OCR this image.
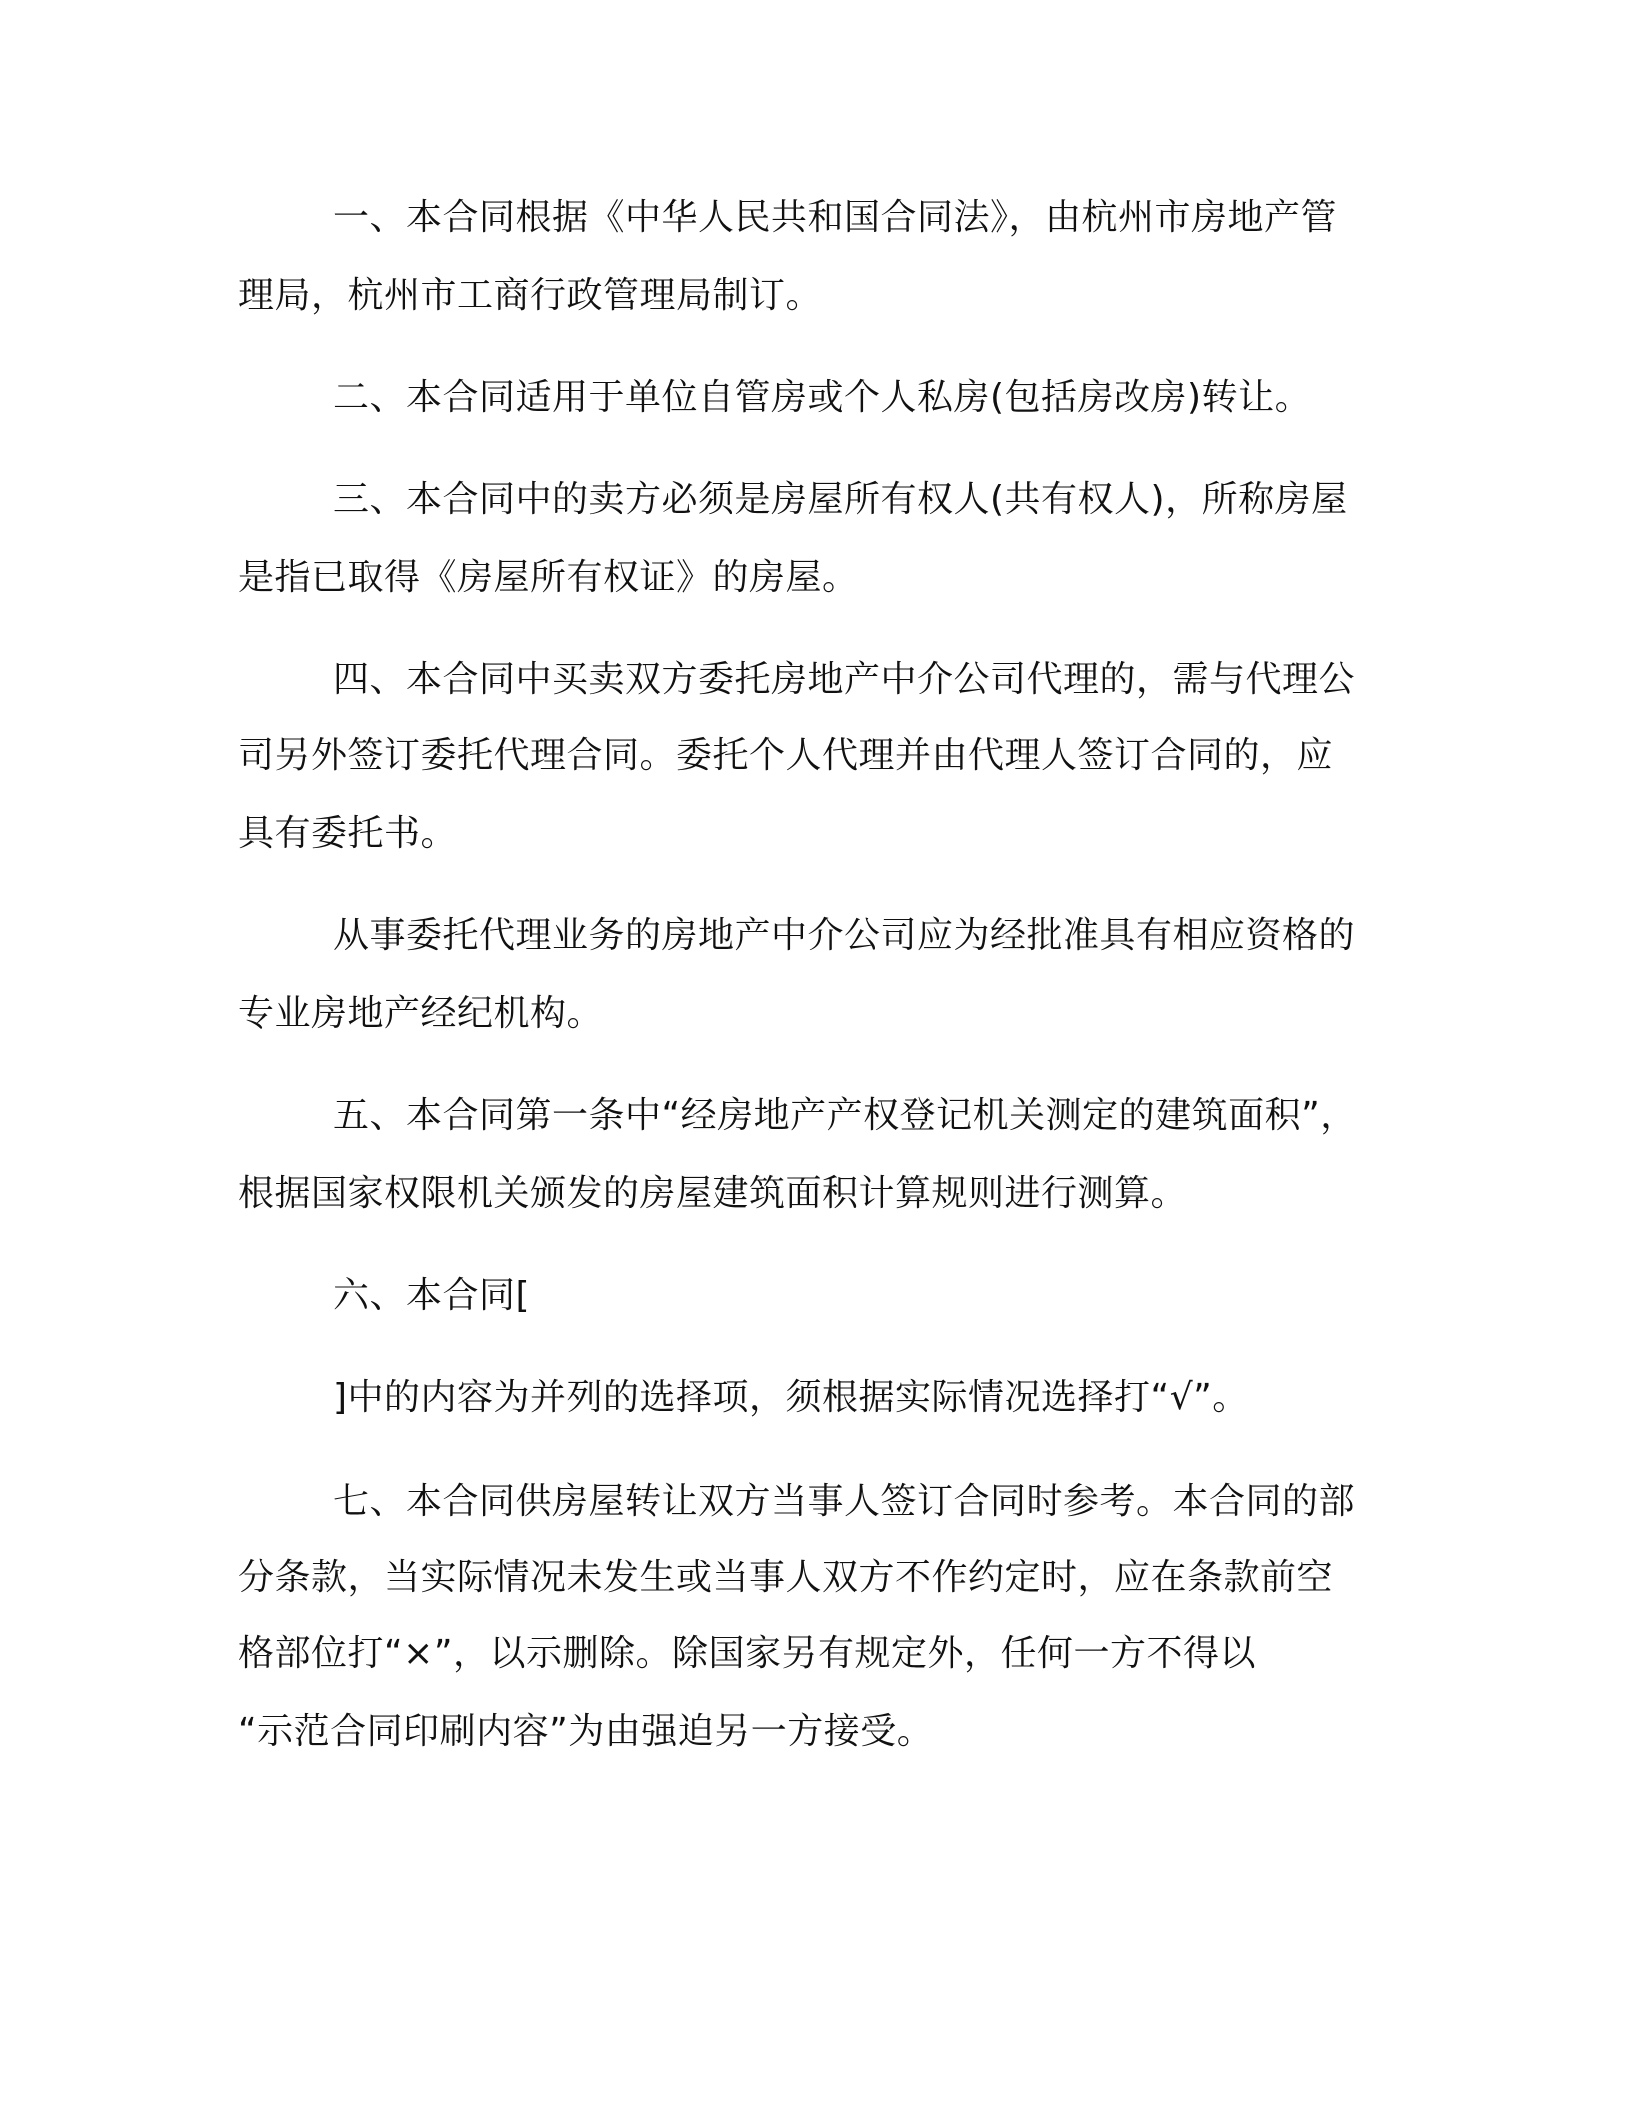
一、本合同根据《中华人民共和国合同法》，由杭州市房地产管
理局，杭州市工商行政管理局制订。
二、本合同适用于单位自管房或个人私房(包括房改房)转让。
三、本合同中的卖方必须是房屋所有权人(共有权人)，所称房屋
是指已取得《房屋所有权证》的房屋。
四、本合同中买卖双方委托房地产中介公司代理的，需与代理公
司另外签订委托代理合同。委托个人代理并由代理人签订合同的，应
具有委托书。
从事委托代理业务的房地产中介公司应为经批准具有相应资格的
专业房地产经纪机构。
五、本合同第一条中“经房地产产权登记机关测定的建筑面积”，
根据国家权限机关颁发的房屋建筑面积计算规则进行测算。
六、本合同[
]中的内容为并列的选择项，须根据实际情况选择打“√”。
七、本合同供房屋转让双方当事人签订合同时参考。本合同的部
分条款，当实际情况未发生或当事人双方不作约定时，应在条款前空
格部位打“×”，以示删除。除国家另有规定外，任何一方不得以
“示范合同印刷内容”为由强迫另一方接受。
